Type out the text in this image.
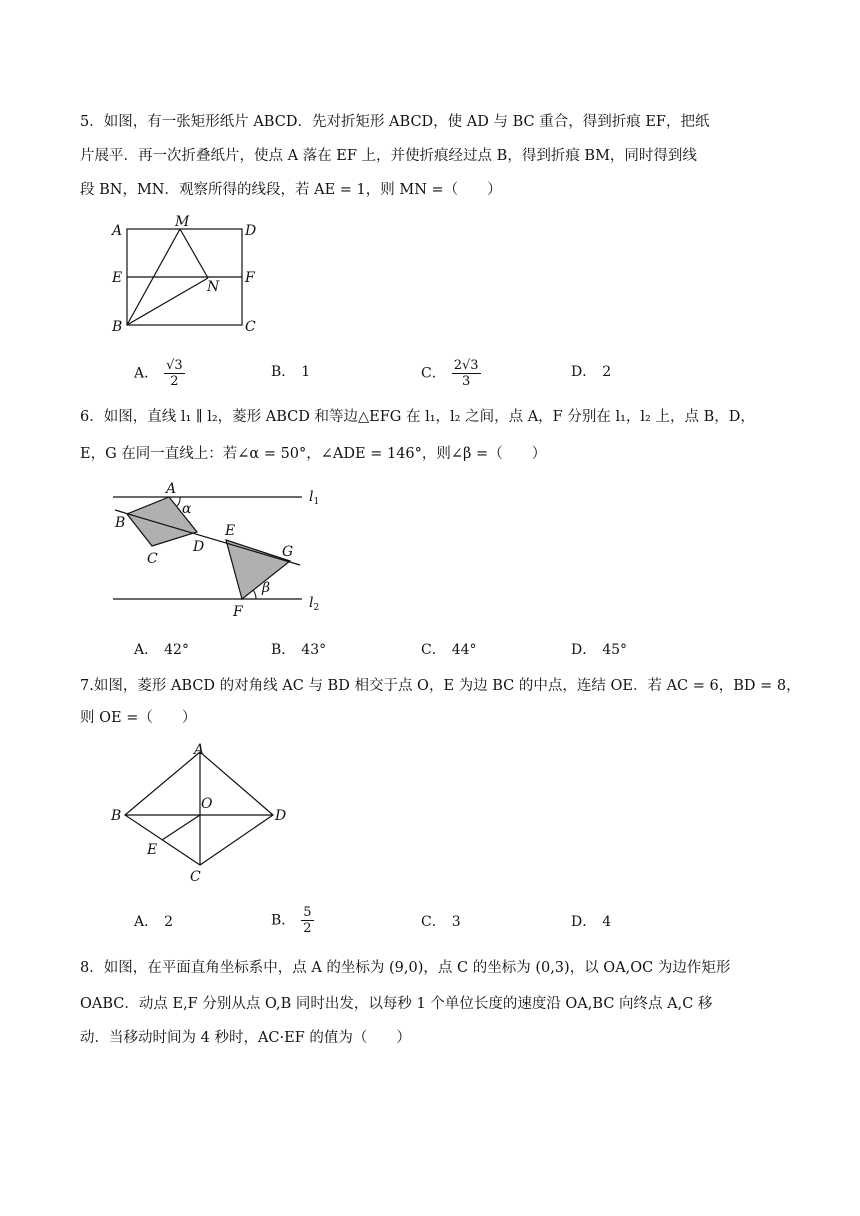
5．如图，有一张矩形纸片 ABCD．先对折矩形 ABCD，使 AD 与 BC 重合，得到折痕 EF，把纸
片展平．再一次折叠纸片，使点 A 落在 EF 上，并使折痕经过点 B，得到折痕 BM，同时得到线
段 BN，MN．观察所得的线段，若 AE = 1，则 MN =（　　）
A
M
D
E	F
N
B	C
A． $\frac{√3}{2}$	B． 1	C． $\frac{2√3}{3}$	D． 2
6．如图，直线 l₁ ∥ l₂，菱形 ABCD 和等边△EFG 在 l₁，l₂ 之间，点 A，F 分别在 l₁，l₂ 上，点 B，D，
E，G 在同一直线上：若∠α = 50°，∠ADE = 146°，则∠β =（　　）
A
α
B
D
C
E
G
β
F
$l_1$
$l_2$
A． 42°	B． 43°	C． 44°	D． 45°
7.如图，菱形 ABCD 的对角线 AC 与 BD 相交于点 O，E 为边 BC 的中点，连结 OE．若 AC = 6，BD = 8，
则 OE =（　　）
A
B
O
D
E
C
A． 2	B． $\frac{5}{2}$	C． 3	D． 4
8．如图，在平面直角坐标系中，点 A 的坐标为 (9,0)，点 C 的坐标为 (0,3)，以 OA,OC 为边作矩形
OABC．动点 E,F 分别从点 O,B 同时出发，以每秒 1 个单位长度的速度沿 OA,BC 向终点 A,C 移
动．当移动时间为 4 秒时，AC·EF 的值为（　　）
